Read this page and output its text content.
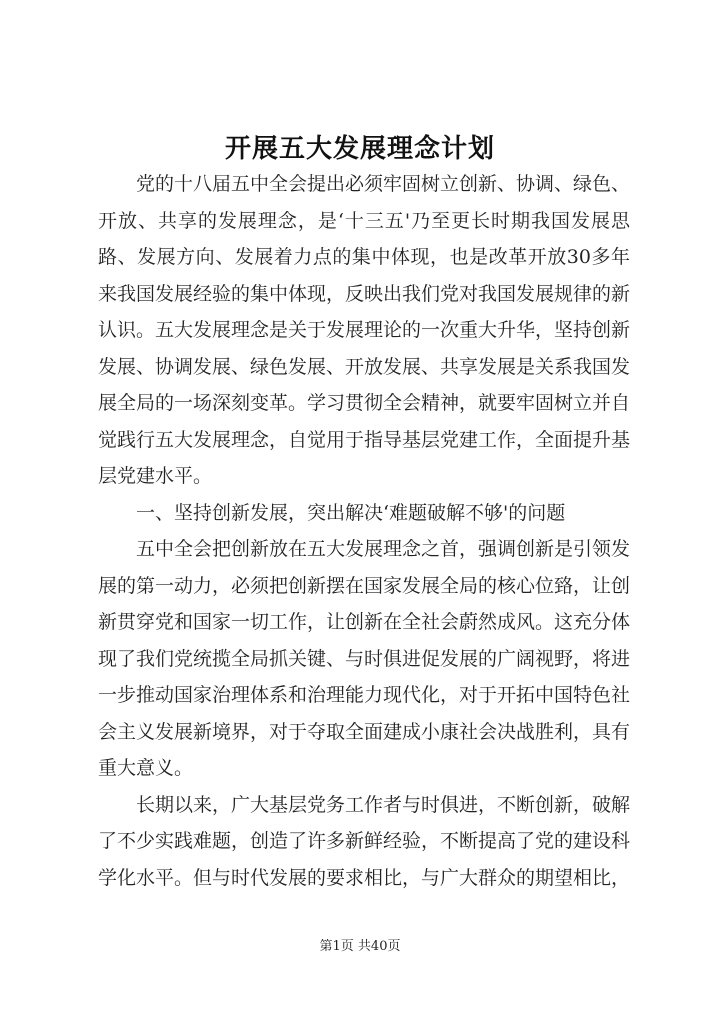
开展五大发展理念计划
党的十八届五中全会提出必须牢固树立创新、协调、绿色、
开放、共享的发展理念，是‘十三五'乃至更长时期我国发展思
路、发展方向、发展着力点的集中体现，也是改革开放30多年
来我国发展经验的集中体现，反映出我们党对我国发展规律的新
认识。五大发展理念是关于发展理论的一次重大升华，坚持创新
发展、协调发展、绿色发展、开放发展、共享发展是关系我国发
展全局的一场深刻变革。学习贯彻全会精神，就要牢固树立并自
觉践行五大发展理念，自觉用于指导基层党建工作，全面提升基
层党建水平。
一、坚持创新发展，突出解决‘难题破解不够'的问题
五中全会把创新放在五大发展理念之首，强调创新是引领发
展的第一动力，必须把创新摆在国家发展全局的核心位臵，让创
新贯穿党和国家一切工作，让创新在全社会蔚然成风。这充分体
现了我们党统揽全局抓关键、与时俱进促发展的广阔视野，将进
一步推动国家治理体系和治理能力现代化，对于开拓中国特色社
会主义发展新境界，对于夺取全面建成小康社会决战胜利，具有
重大意义。
长期以来，广大基层党务工作者与时俱进，不断创新，破解
了不少实践难题，创造了许多新鲜经验，不断提高了党的建设科
学化水平。但与时代发展的要求相比，与广大群众的期望相比，
第1页 共40页
